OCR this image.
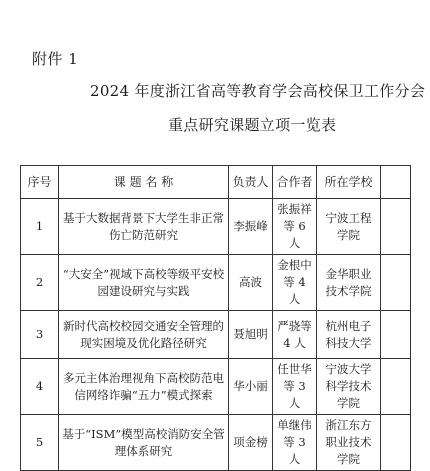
附件 1
2024 年度浙江省高等教育学会高校保卫工作分会
重点研究课题立项一览表
序号	课 题 名 称	负责人	合作者	所在学校	
1	基于大数据背景下大学生非正常伤亡防范研究	李振峰	张振祥等 6 人	宁波工程学院	
2	“大安全”视域下高校等级平安校园建设研究与实践	高波	金根中等 4 人	金华职业技术学院	
3	新时代高校校园交通安全管理的现实困境及优化路径研究	聂旭明	严骁等 4 人	杭州电子科技大学	
4	多元主体治理视角下高校防范电信网络诈骗“五力”模式探索	华小丽	任世华等 3 人	宁波大学科学技术学院	
5	基于“ISM”模型高校消防安全管理体系研究	项金榜	单继伟等 3 人	浙江东方职业技术学院	
